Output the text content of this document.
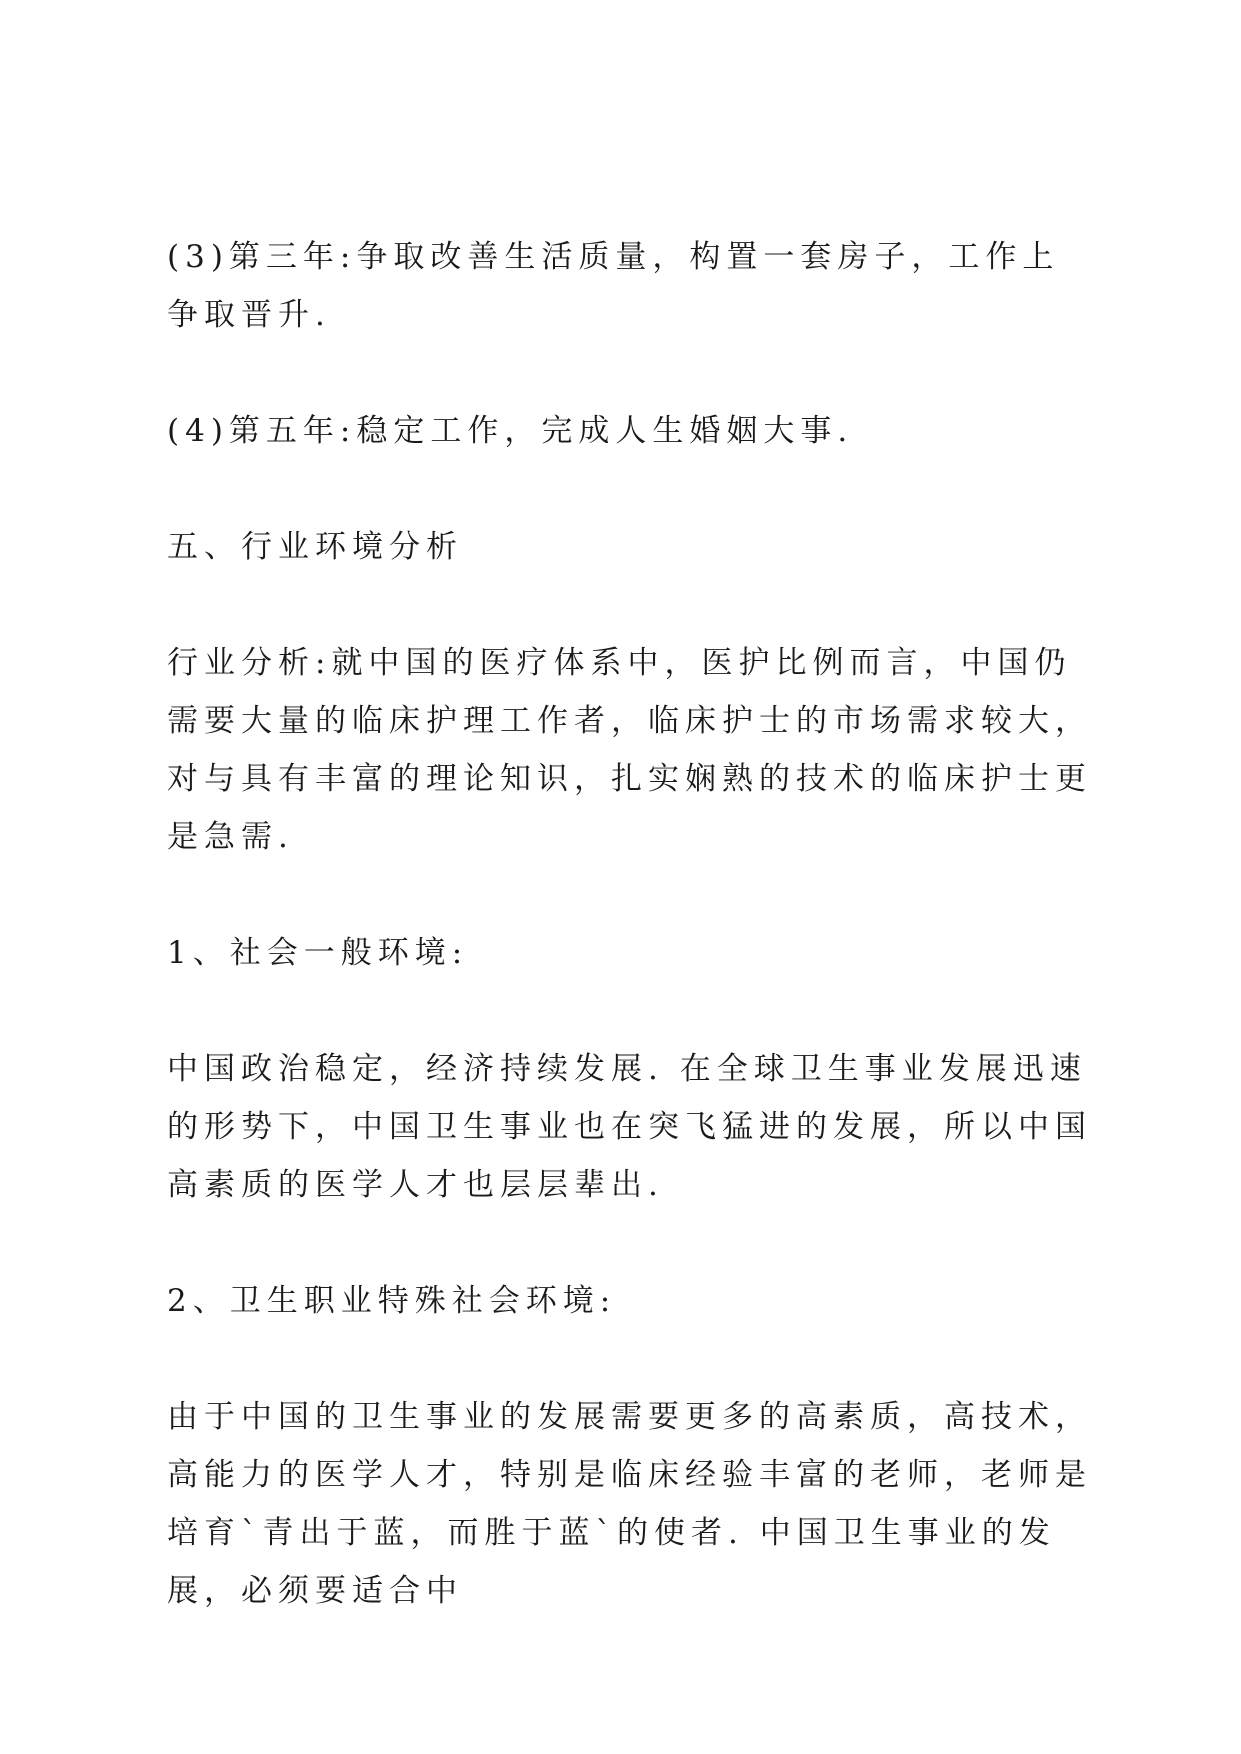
(3)第三年:争取改善生活质量，构置一套房子，工作上争取晋升.

(4)第五年:稳定工作，完成人生婚姻大事.

五、行业环境分析

行业分析:就中国的医疗体系中，医护比例而言，中国仍需要大量的临床护理工作者，临床护士的市场需求较大，对与具有丰富的理论知识，扎实娴熟的技术的临床护士更是急需.

1、社会一般环境:

中国政治稳定，经济持续发展. 在全球卫生事业发展迅速的形势下，中国卫生事业也在突飞猛进的发展，所以中国高素质的医学人才也层层辈出.

2、卫生职业特殊社会环境:

由于中国的卫生事业的发展需要更多的高素质，高技术，高能力的医学人才，特别是临床经验丰富的老师，老师是培育`青出于蓝，而胜于蓝`的使者. 中国卫生事业的发展，必须要适合中
